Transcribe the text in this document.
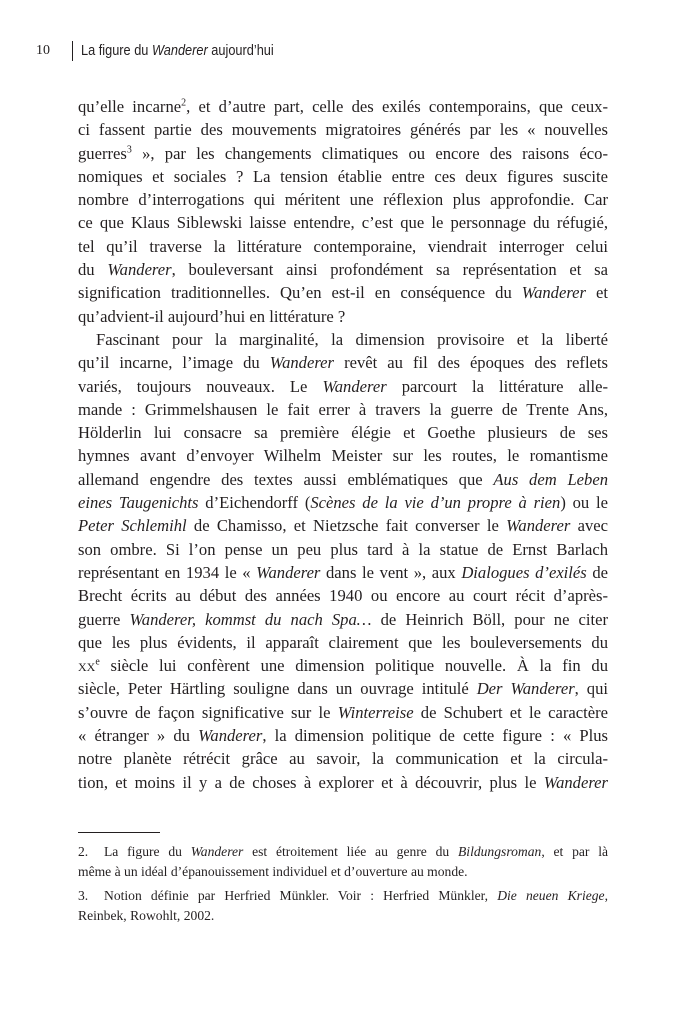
10	La figure du Wanderer aujourd’hui
qu’elle incarne$^2$, et d’autre part, celle des exilés contemporains, que ceux-
ci fassent partie des mouvements migratoires générés par les « nouvelles
guerres$^3$ », par les changements climatiques ou encore des raisons éco-
nomiques et sociales ? La tension établie entre ces deux figures suscite
nombre d’interrogations qui méritent une réflexion plus approfondie. Car
ce que Klaus Siblewski laisse entendre, c’est que le personnage du réfugié,
tel qu’il traverse la littérature contemporaine, viendrait interroger celui
du Wanderer, bouleversant ainsi profondément sa représentation et sa
signification traditionnelles. Qu’en est-il en conséquence du Wanderer et
qu’advient-il aujourd’hui en littérature ?
Fascinant pour la marginalité, la dimension provisoire et la liberté
qu’il incarne, l’image du Wanderer revêt au fil des époques des reflets
variés, toujours nouveaux. Le Wanderer parcourt la littérature alle-
mande : Grimmelshausen le fait errer à travers la guerre de Trente Ans,
Hölderlin lui consacre sa première élégie et Goethe plusieurs de ses
hymnes avant d’envoyer Wilhelm Meister sur les routes, le romantisme
allemand engendre des textes aussi emblématiques que Aus dem Leben
eines Taugenichts d’Eichendorff (Scènes de la vie d’un propre à rien) ou le
Peter Schlemihl de Chamisso, et Nietzsche fait converser le Wanderer avec
son ombre. Si l’on pense un peu plus tard à la statue de Ernst Barlach
représentant en 1934 le « Wanderer dans le vent », aux Dialogues d’exilés de
Brecht écrits au début des années 1940 ou encore au court récit d’après-
guerre Wanderer, kommst du nach Spa… de Heinrich Böll, pour ne citer
que les plus évidents, il apparaît clairement que les bouleversements du
$xx^e$ siècle lui confèrent une dimension politique nouvelle. À la fin du
siècle, Peter Härtling souligne dans un ouvrage intitulé Der Wanderer, qui
s’ouvre de façon significative sur le Winterreise de Schubert et le caractère
« étranger » du Wanderer, la dimension politique de cette figure : « Plus
notre planète rétrécit grâce au savoir, la communication et la circula-
tion, et moins il y a de choses à explorer et à découvrir, plus le Wanderer
2. La figure du Wanderer est étroitement liée au genre du Bildungsroman, et par là
même à un idéal d’épanouissement individuel et d’ouverture au monde.
3. Notion définie par Herfried Münkler. Voir : Herfried Münkler, Die neuen Kriege,
Reinbek, Rowohlt, 2002.
